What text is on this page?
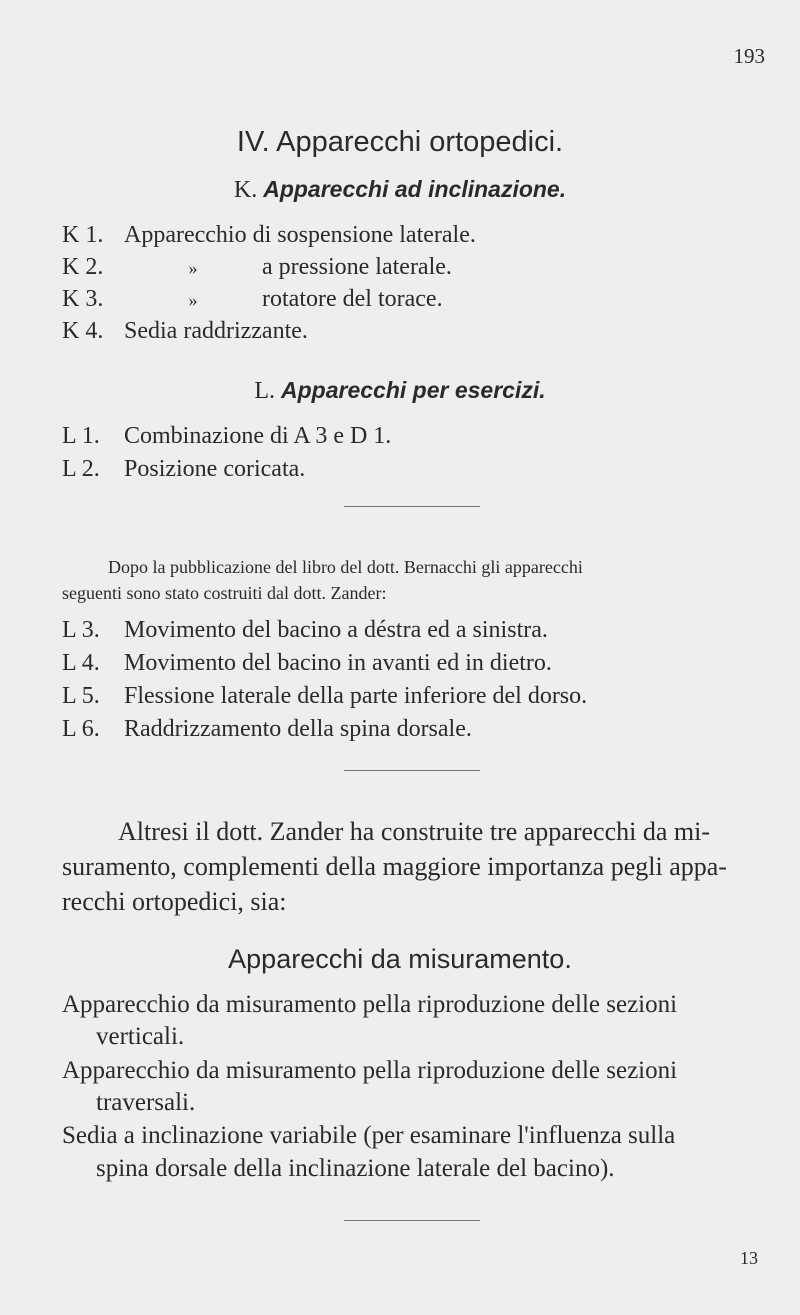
193
IV. Apparecchi ortopedici.
K. Apparecchi ad inclinazione.
K 1. Apparecchio di sospensione laterale.
K 2.	»	a pressione laterale.
K 3.	»	rotatore del torace.
K 4. Sedia raddrizzante.
L. Apparecchi per esercizi.
L 1. Combinazione di A 3 e D 1.
L 2. Posizione coricata.
Dopo la pubblicazione del libro del dott. Bernacchi gli apparecchi
seguenti sono stato costruiti dal dott. Zander:
L 3. Movimento del bacino a déstra ed a sinistra.
L 4. Movimento del bacino in avanti ed in dietro.
L 5. Flessione laterale della parte inferiore del dorso.
L 6. Raddrizzamento della spina dorsale.
Altresi il dott. Zander ha construite tre apparecchi da mi-
suramento, complementi della maggiore importanza pegli appa-
recchi ortopedici, sia:
Apparecchi da misuramento.
Apparecchio da misuramento pella riproduzione delle sezioni
verticali.
Apparecchio da misuramento pella riproduzione delle sezioni
traversali.
Sedia a inclinazione variabile (per esaminare l'influenza sulla
spina dorsale della inclinazione laterale del bacino).
13
